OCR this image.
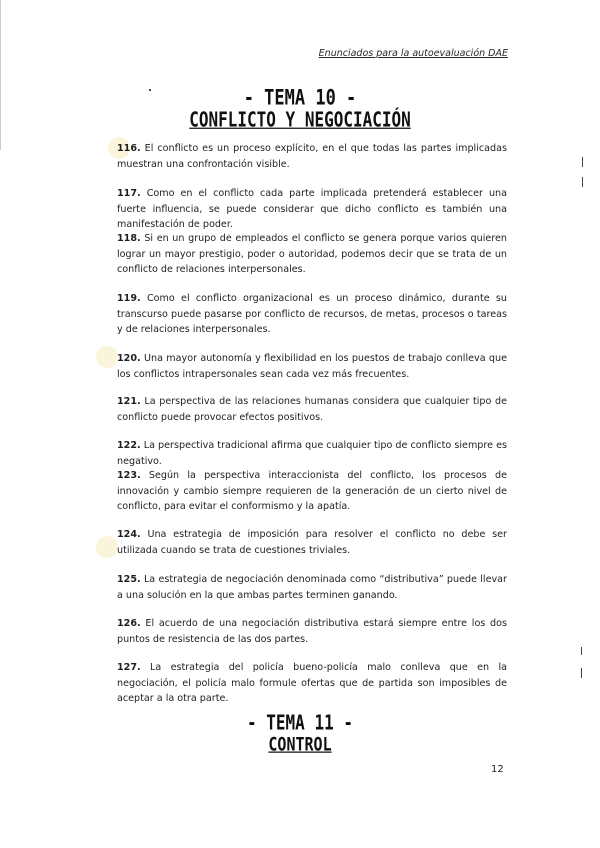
Enunciados para la autoevaluación DAE
- TEMA 10 -
CONFLICTO Y NEGOCIACIÓN

116. El conflicto es un proceso explícito, en el que todas las partes implicadas muestran una confrontación visible.

117. Como en el conflicto cada parte implicada pretenderá establecer una fuerte influencia, se puede considerar que dicho conflicto es también una manifestación de poder.

118. Si en un grupo de empleados el conflicto se genera porque varios quieren lograr un mayor prestigio, poder o autoridad, podemos decir que se trata de un conflicto de relaciones interpersonales.

119. Como el conflicto organizacional es un proceso dinámico, durante su transcurso puede pasarse por conflicto de recursos, de metas, procesos o tareas y de relaciones interpersonales.

120. Una mayor autonomía y flexibilidad en los puestos de trabajo conlleva que los conflictos intrapersonales sean cada vez más frecuentes.

121. La perspectiva de las relaciones humanas considera que cualquier tipo de conflicto puede provocar efectos positivos.

122. La perspectiva tradicional afirma que cualquier tipo de conflicto siempre es negativo.

123. Según la perspectiva interaccionista del conflicto, los procesos de innovación y cambio siempre requieren de la generación de un cierto nivel de conflicto, para evitar el conformismo y la apatía.

124. Una estrategia de imposición para resolver el conflicto no debe ser utilizada cuando se trata de cuestiones triviales.

125. La estrategia de negociación denominada como “distributiva” puede llevar a una solución en la que ambas partes terminen ganando.

126. El acuerdo de una negociación distributiva estará siempre entre los dos puntos de resistencia de las dos partes.

127. La estrategia del policía bueno-policía malo conlleva que en la negociación, el policía malo formule ofertas que de partida son imposibles de aceptar a la otra parte.

- TEMA 11 -
CONTROL
12
